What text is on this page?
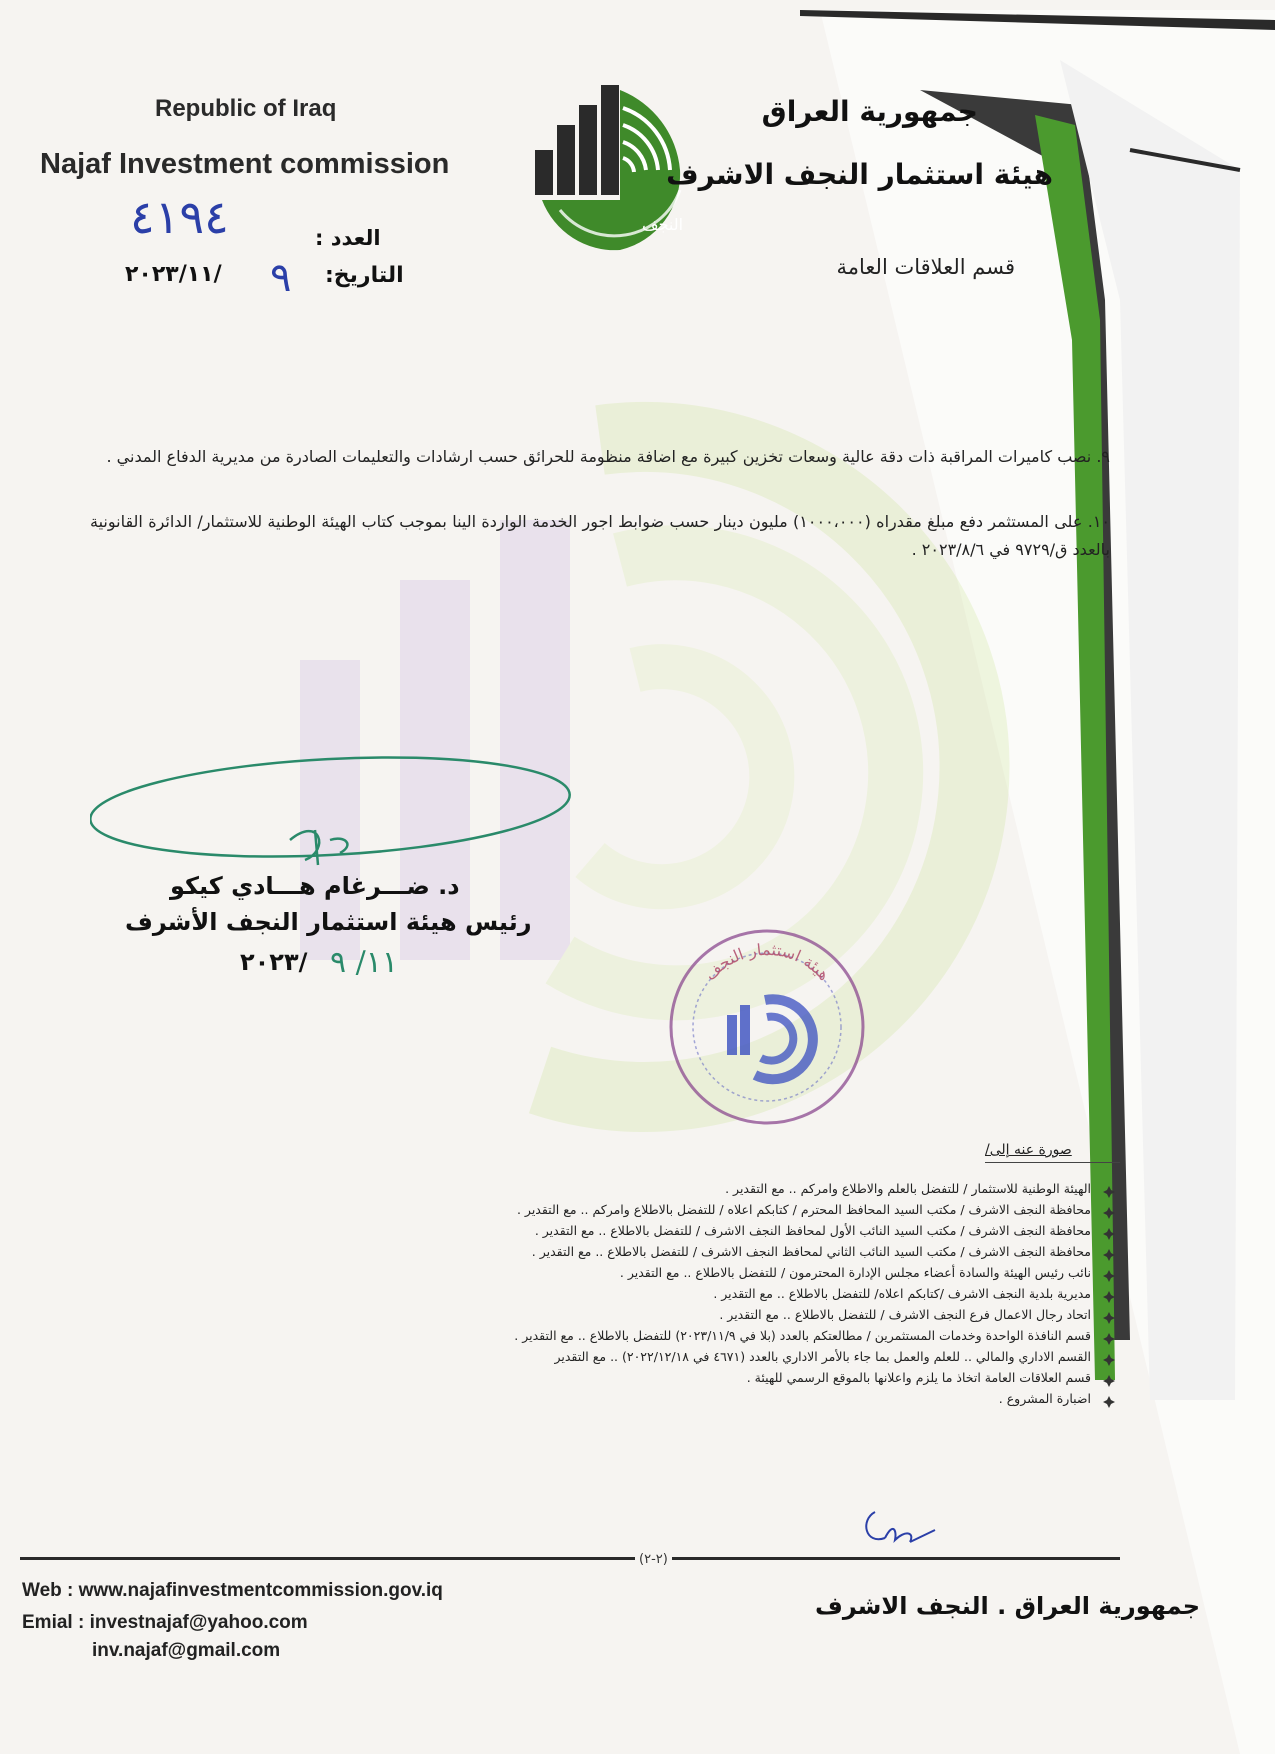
Republic of Iraq
Najaf Investment commission
النجف
جمهورية العراق
هيئة استثمار النجف الاشرف
قسم العلاقات العامة
العدد :
٤١٩٤
التاريخ:
٩
٢٠٢٣/١١/
٩. نصب كاميرات المراقبة ذات دقة عالية وسعات تخزين كبيرة مع اضافة منظومة للحرائق حسب ارشادات والتعليمات الصادرة من مديرية الدفاع المدني .
١٠. على المستثمر دفع مبلغ مقدراه (١٠٠٠،٠٠٠) مليون دينار حسب ضوابط اجور الخدمة الواردة الينا بموجب كتاب الهيئة الوطنية للاستثمار/ الدائرة القانونية بالعدد ق/٩٧٢٩ في ٢٠٢٣/٨/٦ .
د. ضـــرغام هـــادي كيكو
رئيس هيئة استثمار النجف الأشرف
٢٠٢٣/ ١١/ ٩	هيئة استثمار النجف
صورة عنه إلى/
الهيئة الوطنية للاستثمار / للتفضل بالعلم والاطلاع وامركم .. مع التقدير .
محافظة النجف الاشرف / مكتب السيد المحافظ المحترم / كتابكم اعلاه / للتفضل بالاطلاع وامركم .. مع التقدير .
محافظة النجف الاشرف / مكتب السيد النائب الأول لمحافظ النجف الاشرف / للتفضل بالاطلاع .. مع التقدير .
محافظة النجف الاشرف / مكتب السيد النائب الثاني لمحافظ النجف الاشرف / للتفضل بالاطلاع .. مع التقدير .
نائب رئيس الهيئة والسادة أعضاء مجلس الإدارة المحترمون / للتفضل بالاطلاع .. مع التقدير .
مديرية بلدية النجف الاشرف /كتابكم اعلاه/ للتفضل بالاطلاع .. مع التقدير .
اتحاد رجال الاعمال فرع النجف الاشرف / للتفضل بالاطلاع .. مع التقدير .
قسم النافذة الواحدة وخدمات المستثمرين / مطالعتكم بالعدد (بلا في ٢٠٢٣/١١/٩) للتفضل بالاطلاع .. مع التقدير .
القسم الاداري والمالي .. للعلم والعمل بما جاء بالأمر الاداري بالعدد (٤٦٧١ في ٢٠٢٢/١٢/١٨) .. مع التقدير
قسم العلاقات العامة اتخاذ ما يلزم واعلانها بالموقع الرسمي للهيئة .
اضبارة المشروع .
(٢-٢)
Web : www.najafinvestmentcommission.gov.iq
Emial : investnajaf@yahoo.com
inv.najaf@gmail.com
جمهورية العراق . النجف الاشرف
